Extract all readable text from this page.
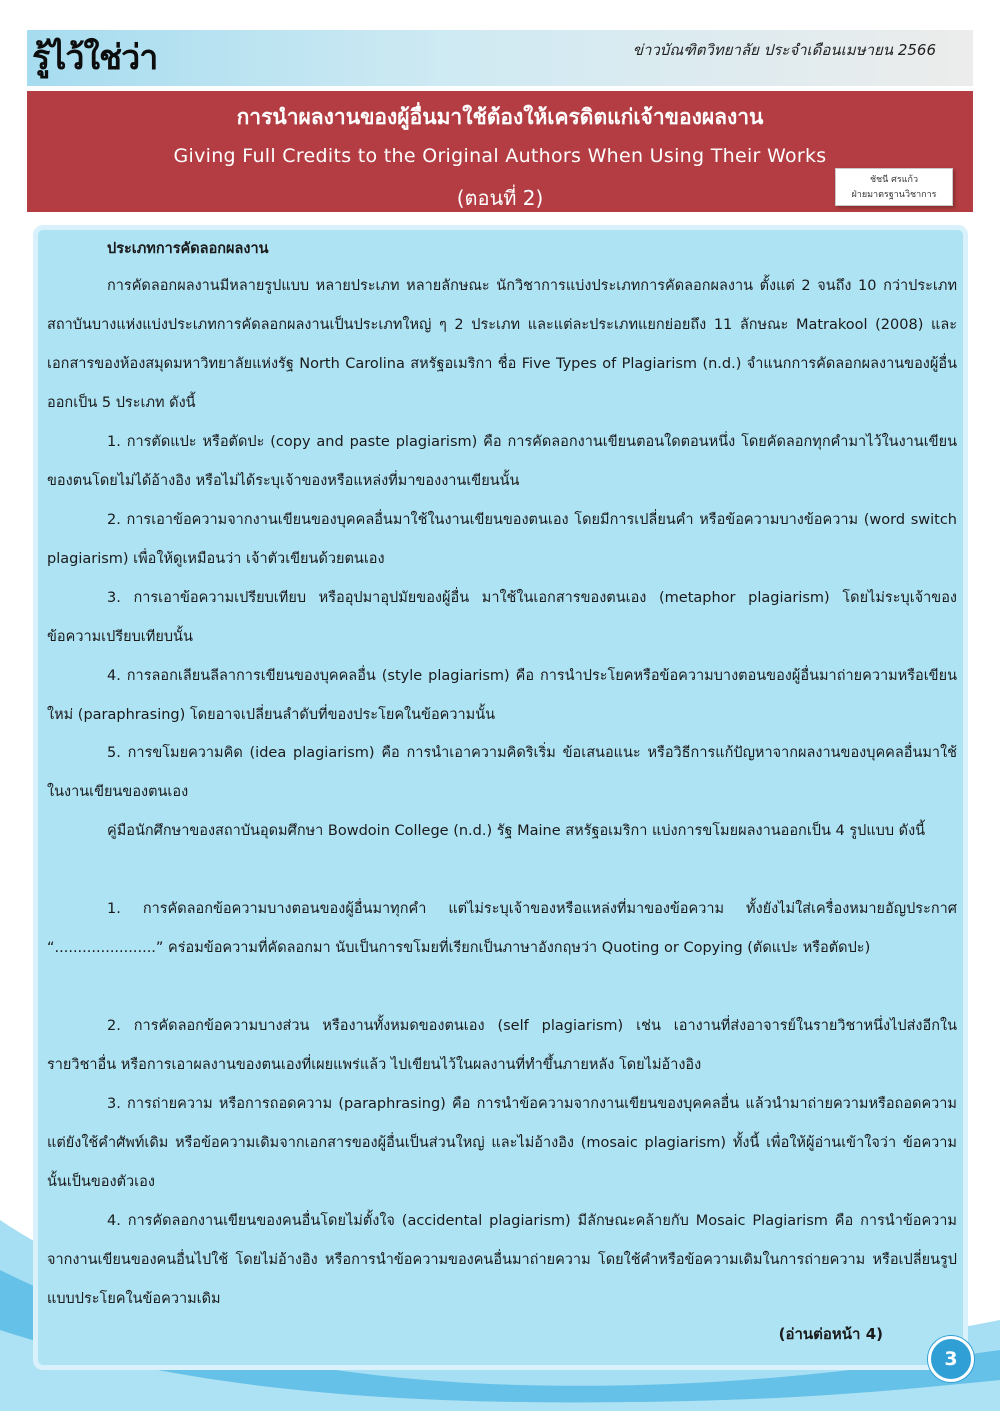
รู้ไว้ใช่ว่า	ข่าวบัณฑิตวิทยาลัย ประจำเดือนเมษายน 2566
การนำผลงานของผู้อื่นมาใช้ต้องให้เครดิตแก่เจ้าของผลงาน
Giving Full Credits to the Original Authors When Using Their Works
(ตอนที่ 2)
ชัชนี ศรแก้ว
ฝ่ายมาตรฐานวิชาการ

ประเภทการคัดลอกผลงาน

การคัดลอกผลงานมีหลายรูปแบบ หลายประเภท หลายลักษณะ นักวิชาการแบ่งประเภทการคัดลอกผลงาน ตั้งแต่ 2 จนถึง 10 กว่าประเภท สถาบันบางแห่งแบ่งประเภทการคัดลอกผลงานเป็นประเภทใหญ่ ๆ 2 ประเภท และแต่ละประเภทแยกย่อยถึง 11 ลักษณะ Matrakool (2008) และเอกสารของห้องสมุดมหาวิทยาลัยแห่งรัฐ North Carolina สหรัฐอเมริกา ชื่อ Five Types of Plagiarism (n.d.) จำแนกการคัดลอกผลงานของผู้อื่น ออกเป็น 5 ประเภท ดังนี้

1. การตัดแปะ หรือตัดปะ (copy and paste plagiarism) คือ การคัดลอกงานเขียนตอนใดตอนหนึ่ง โดยคัดลอกทุกคำมาไว้ในงานเขียนของตนโดยไม่ได้อ้างอิง หรือไม่ได้ระบุเจ้าของหรือแหล่งที่มาของงานเขียนนั้น

2. การเอาข้อความจากงานเขียนของบุคคลอื่นมาใช้ในงานเขียนของตนเอง โดยมีการเปลี่ยนคำ หรือข้อความบางข้อความ (word switch plagiarism) เพื่อให้ดูเหมือนว่า เจ้าตัวเขียนด้วยตนเอง

3. การเอาข้อความเปรียบเทียบ หรืออุปมาอุปมัยของผู้อื่น มาใช้ในเอกสารของตนเอง (metaphor plagiarism) โดยไม่ระบุเจ้าของข้อความเปรียบเทียบนั้น

4. การลอกเลียนลีลาการเขียนของบุคคลอื่น (style plagiarism) คือ การนำประโยคหรือข้อความบางตอนของผู้อื่นมาถ่ายความหรือเขียนใหม่ (paraphrasing) โดยอาจเปลี่ยนลำดับที่ของประโยคในข้อความนั้น

5. การขโมยความคิด (idea plagiarism) คือ การนำเอาความคิดริเริ่ม ข้อเสนอแนะ หรือวิธีการแก้ปัญหาจากผลงานของบุคคลอื่นมาใช้ในงานเขียนของตนเอง

คู่มือนักศึกษาของสถาบันอุดมศึกษา Bowdoin College (n.d.) รัฐ Maine สหรัฐอเมริกา แบ่งการขโมยผลงานออกเป็น 4 รูปแบบ ดังนี้

1. การคัดลอกข้อความบางตอนของผู้อื่นมาทุกคำ แต่ไม่ระบุเจ้าของหรือแหล่งที่มาของข้อความ ทั้งยังไม่ใส่เครื่องหมายอัญประกาศ “......................” คร่อมข้อความที่คัดลอกมา นับเป็นการขโมยที่เรียกเป็นภาษาอังกฤษว่า Quoting or Copying (ตัดแปะ หรือตัดปะ)

2. การคัดลอกข้อความบางส่วน หรืองานทั้งหมดของตนเอง (self plagiarism) เช่น เอางานที่ส่งอาจารย์ในรายวิชาหนึ่งไปส่งอีกในรายวิชาอื่น หรือการเอาผลงานของตนเองที่เผยแพร่แล้ว ไปเขียนไว้ในผลงานที่ทำขึ้นภายหลัง โดยไม่อ้างอิง

3. การถ่ายความ หรือการถอดความ (paraphrasing) คือ การนำข้อความจากงานเขียนของบุคคลอื่น แล้วนำมาถ่ายความหรือถอดความ แต่ยังใช้คำศัพท์เดิม หรือข้อความเดิมจากเอกสารของผู้อื่นเป็นส่วนใหญ่ และไม่อ้างอิง (mosaic plagiarism) ทั้งนี้ เพื่อให้ผู้อ่านเข้าใจว่า ข้อความนั้นเป็นของตัวเอง

4. การคัดลอกงานเขียนของคนอื่นโดยไม่ตั้งใจ (accidental plagiarism) มีลักษณะคล้ายกับ Mosaic Plagiarism คือ การนำข้อความจากงานเขียนของคนอื่นไปใช้ โดยไม่อ้างอิง หรือการนำข้อความของคนอื่นมาถ่ายความ โดยใช้คำหรือข้อความเดิมในการถ่ายความ หรือเปลี่ยนรูปแบบประโยคในข้อความเดิม

(อ่านต่อหน้า 4)
3
